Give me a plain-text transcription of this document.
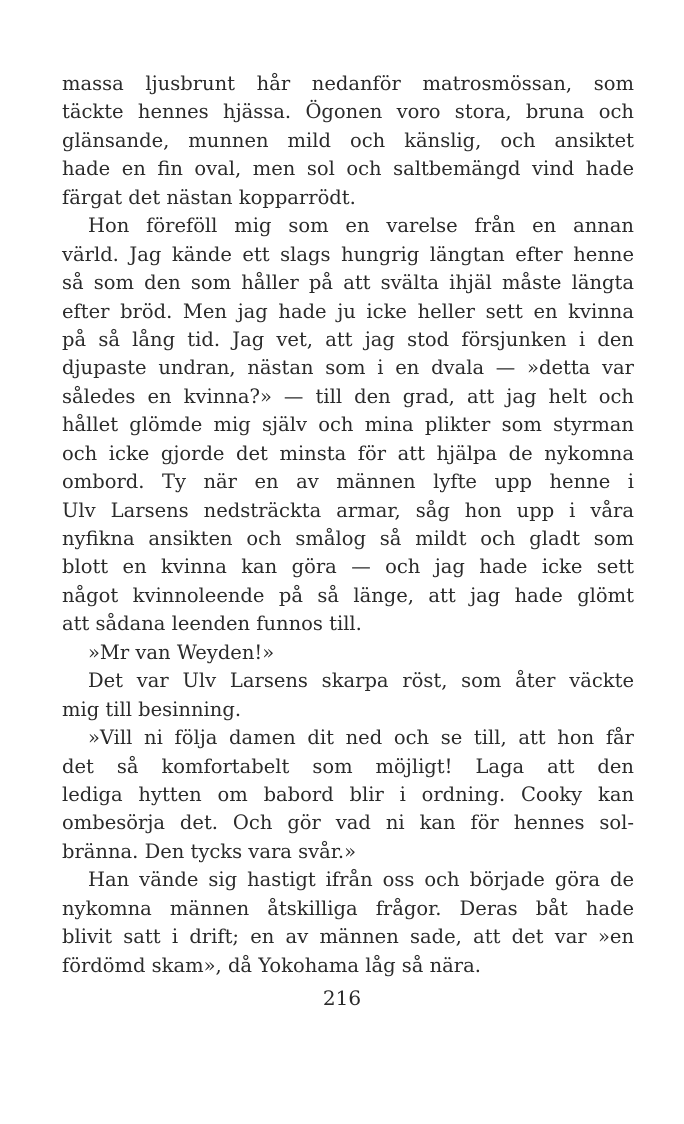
massa ljusbrunt hår nedanför matrosmössan, som
täckte hennes hjässa. Ögonen voro stora, bruna och
glänsande, munnen mild och känslig, och ansiktet
hade en fin oval, men sol och saltbemängd vind hade
färgat det nästan kopparrödt.
Hon föreföll mig som en varelse från en annan
värld. Jag kände ett slags hungrig längtan efter henne
så som den som håller på att svälta ihjäl måste längta
efter bröd. Men jag hade ju icke heller sett en kvinna
på så lång tid. Jag vet, att jag stod försjunken i den
djupaste undran, nästan som i en dvala — »detta var
således en kvinna?» — till den grad, att jag helt och
hållet glömde mig själv och mina plikter som styrman
och icke gjorde det minsta för att hjälpa de nykomna
ombord. Ty när en av männen lyfte upp henne i
Ulv Larsens nedsträckta armar, såg hon upp i våra
nyfikna ansikten och smålog så mildt och gladt som
blott en kvinna kan göra — och jag hade icke sett
något kvinnoleende på så länge, att jag hade glömt
att sådana leenden funnos till.
»Mr van Weyden!»
Det var Ulv Larsens skarpa röst, som åter väckte
mig till besinning.
»Vill ni följa damen dit ned och se till, att hon får
det så komfortabelt som möjligt! Laga att den
lediga hytten om babord blir i ordning. Cooky kan
ombesörja det. Och gör vad ni kan för hennes sol-
bränna. Den tycks vara svår.»
Han vände sig hastigt ifrån oss och började göra de
nykomna männen åtskilliga frågor. Deras båt hade
blivit satt i drift; en av männen sade, att det var »en
fördömd skam», då Yokohama låg så nära.
216
